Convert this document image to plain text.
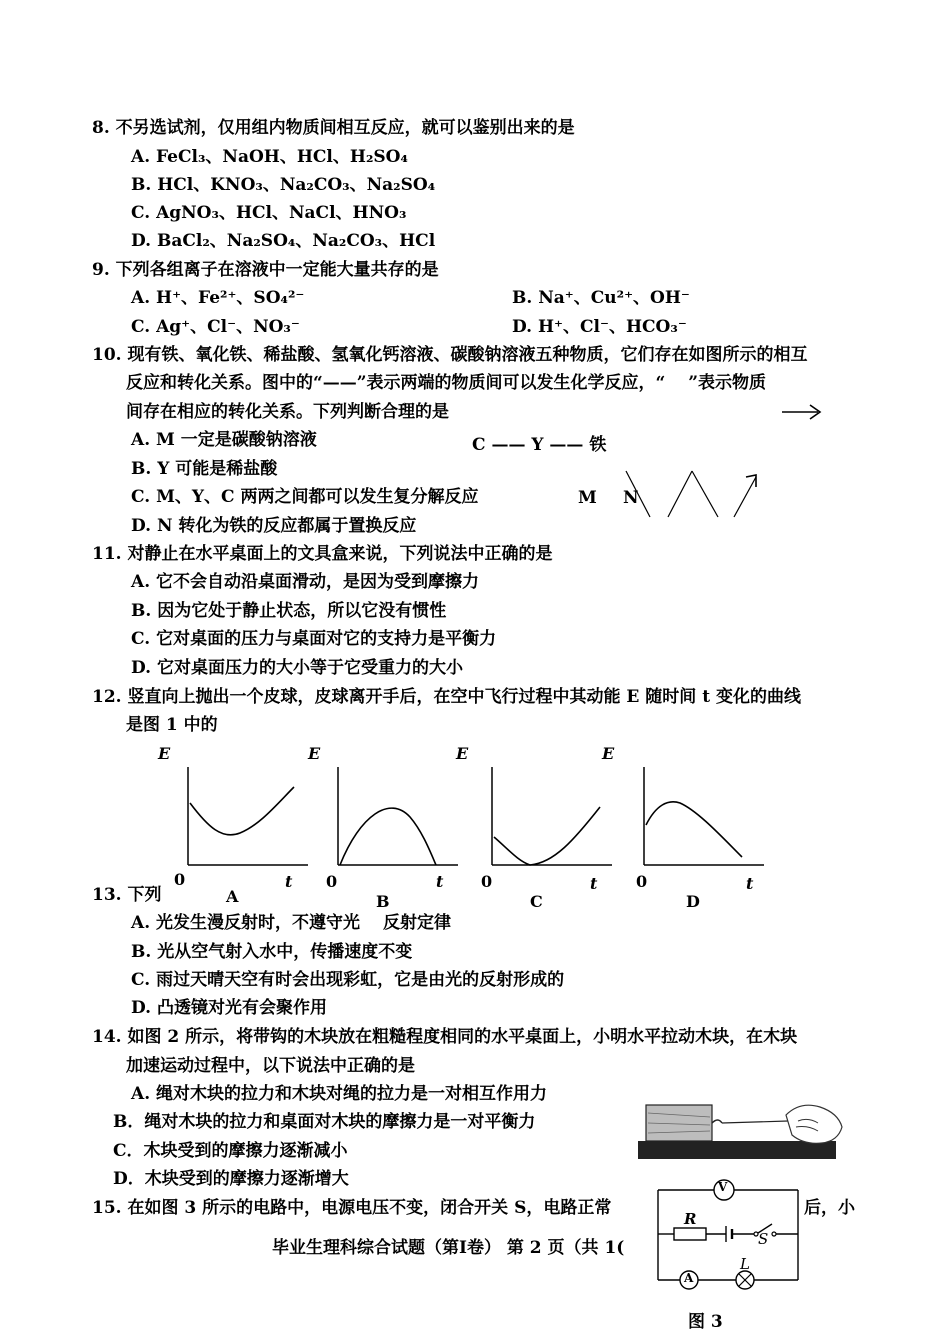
8. 不另选试剂，仅用组内物质间相互反应，就可以鉴别出来的是
A. FeCl₃、NaOH、HCl、H₂SO₄
B. HCl、KNO₃、Na₂CO₃、Na₂SO₄
C. AgNO₃、HCl、NaCl、HNO₃
D. BaCl₂、Na₂SO₄、Na₂CO₃、HCl
9. 下列各组离子在溶液中一定能大量共存的是
A. H⁺、Fe²⁺、SO₄²⁻	B. Na⁺、Cu²⁺、OH⁻
C. Ag⁺、Cl⁻、NO₃⁻	D. H⁺、Cl⁻、HCO₃⁻
10. 现有铁、氧化铁、稀盐酸、氢氧化钙溶液、碳酸钠溶液五种物质，它们存在如图所示的相互
反应和转化关系。图中的“——”表示两端的物质间可以发生化学反应，“　 ”表示物质
间存在相应的转化关系。下列判断合理的是
A. M 一定是碳酸钠溶液
B. Y 可能是稀盐酸
C. M、Y、C 两两之间都可以发生复分解反应
D. N 转化为铁的反应都属于置换反应
C —— Y —— 铁
M N
11. 对静止在水平桌面上的文具盒来说，下列说法中正确的是
A. 它不会自动沿桌面滑动，是因为受到摩擦力
B. 因为它处于静止状态，所以它没有惯性
C. 它对桌面的压力与桌面对它的支持力是平衡力
D. 它对桌面压力的大小等于它受重力的大小
12. 竖直向上抛出一个皮球，皮球离开手后，在空中飞行过程中其动能 E 随时间 t 变化的曲线
是图 1 中的
E
0	t
A
E
0	t
B
E
0	t
C
E
0	t
D
13. 下列
A. 光发生漫反射时，不遵守光　 反射定律
B. 光从空气射入水中，传播速度不变
C. 雨过天晴天空有时会出现彩虹，它是由光的反射形成的
D. 凸透镜对光有会聚作用
14. 如图 2 所示，将带钩的木块放在粗糙程度相同的水平桌面上，小明水平拉动木块，在木块
加速运动过程中，以下说法中正确的是
A. 绳对木块的拉力和木块对绳的拉力是一对相互作用力
B．绳对木块的拉力和桌面对木块的摩擦力是一对平衡力
C．木块受到的摩擦力逐渐减小
D．木块受到的摩擦力逐渐增大
15. 在如图 3 所示的电路中，电源电压不变，闭合开关 S，电路正常	后，小
毕业生理科综合试题（第Ⅰ卷） 第 2 页（共 1(
V
R
S
A
L
图 3
